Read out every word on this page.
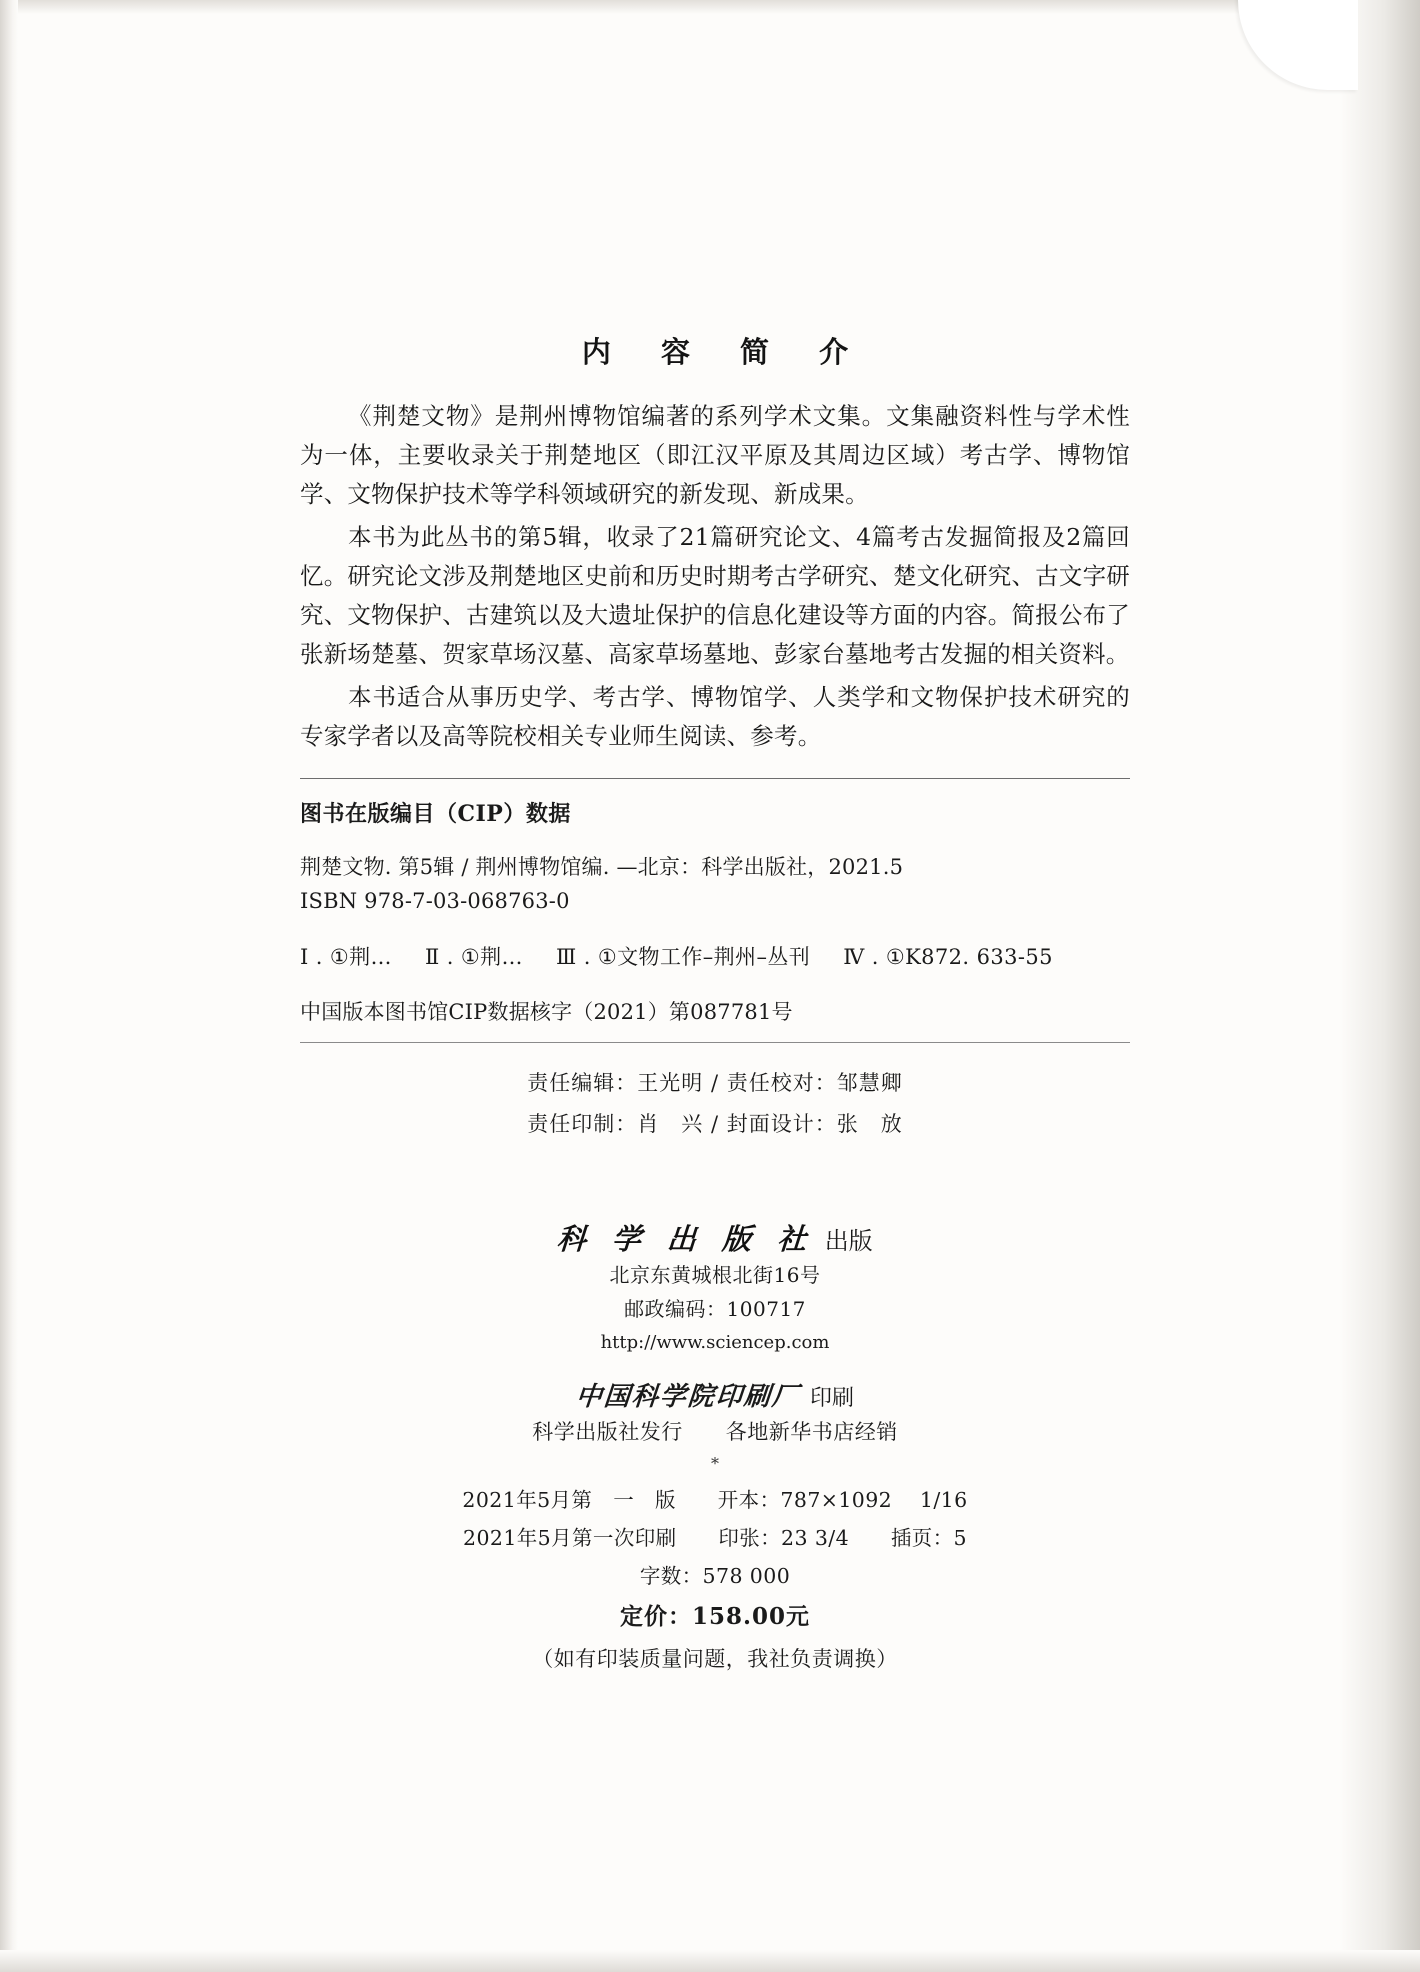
内 容 简 介

《荆楚文物》是荆州博物馆编著的系列学术文集。文集融资料性与学术性为一体，主要收录关于荆楚地区（即江汉平原及其周边区域）考古学、博物馆学、文物保护技术等学科领域研究的新发现、新成果。

本书为此丛书的第5辑，收录了21篇研究论文、4篇考古发掘简报及2篇回忆。研究论文涉及荆楚地区史前和历史时期考古学研究、楚文化研究、古文字研究、文物保护、古建筑以及大遗址保护的信息化建设等方面的内容。简报公布了张新场楚墓、贺家草场汉墓、高家草场墓地、彭家台墓地考古发掘的相关资料。

本书适合从事历史学、考古学、博物馆学、人类学和文物保护技术研究的专家学者以及高等院校相关专业师生阅读、参考。

图书在版编目（CIP）数据

荆楚文物. 第5辑 / 荆州博物馆编. —北京：科学出版社，2021.5

ISBN 978-7-03-068763-0

Ⅰ . ①荆… Ⅱ . ①荆… Ⅲ . ①文物工作–荆州–丛刊 Ⅳ . ①K872. 633-55

中国版本图书馆CIP数据核字（2021）第087781号

责任编辑：王光明 / 责任校对：邹慧卿
责任印制：肖　兴 / 封面设计：张　放
科 学 出 版 社 出版
北京东黄城根北街16号
邮政编码：100717
http://www.sciencep.com
中国科学院印刷厂 印刷
科学出版社发行　　各地新华书店经销
*
2021年5月第　一　版　　开本：787×1092　 1/16
2021年5月第一次印刷　　印张：23 3/4　　插页：5
字数：578 000
定价：158.00元
（如有印装质量问题，我社负责调换）
